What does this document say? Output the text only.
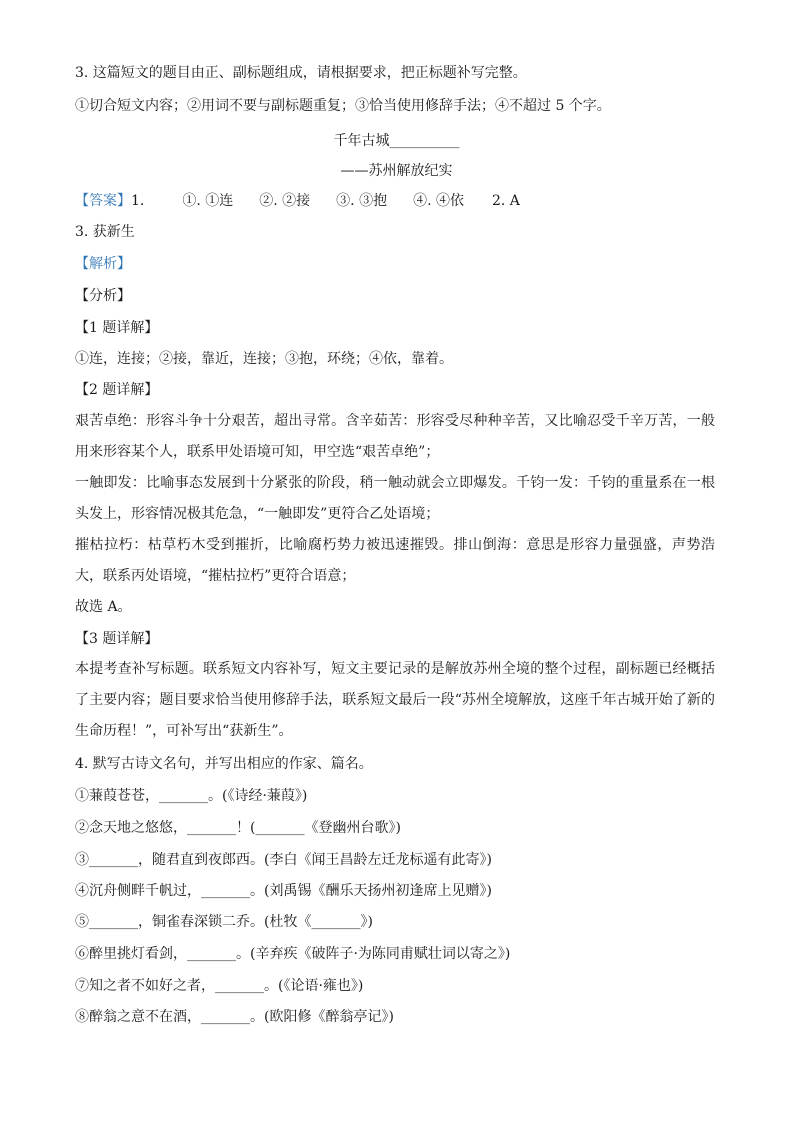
3. 这篇短文的题目由正、副标题组成，请根据要求，把正标题补写完整。
①切合短文内容；②用词不要与副标题重复；③恰当使用修辞手法；④不超过 5 个字。
千年古城__________
——苏州解放纪实
【答案】1.	①. ①连 ②. ②接 ③. ③抱 ④. ④依 2. A
3. 获新生
【解析】
【分析】
【1 题详解】
①连，连接；②接，靠近，连接；③抱，环绕；④依，靠着。
【2 题详解】
艰苦卓绝：形容斗争十分艰苦，超出寻常。含辛茹苦：形容受尽种种辛苦，又比喻忍受千辛万苦，一般用来形容某个人，联系甲处语境可知，甲空选“艰苦卓绝”；
一触即发：比喻事态发展到十分紧张的阶段，稍一触动就会立即爆发。千钧一发：千钧的重量系在一根头发上，形容情况极其危急，“一触即发”更符合乙处语境；
摧枯拉朽：枯草朽木受到摧折，比喻腐朽势力被迅速摧毁。排山倒海：意思是形容力量强盛，声势浩大，联系丙处语境，“摧枯拉朽”更符合语意；
故选 A。
【3 题详解】
本提考查补写标题。联系短文内容补写，短文主要记录的是解放苏州全境的整个过程，副标题已经概括了主要内容；题目要求恰当使用修辞手法，联系短文最后一段“苏州全境解放，这座千年古城开始了新的生命历程！”，可补写出“获新生”。
4. 默写古诗文名句，并写出相应的作家、篇名。
①蒹葭苍苍，_______。(《诗经·蒹葭》)
②念天地之悠悠，_______！(_______《登幽州台歌》)
③_______，随君直到夜郎西。(李白《闻王昌龄左迁龙标遥有此寄》)
④沉舟侧畔千帆过，_______。(刘禹锡《酬乐天扬州初逢席上见赠》)
⑤_______，铜雀春深锁二乔。(杜牧《_______》)
⑥醉里挑灯看剑，_______。(辛弃疾《破阵子·为陈同甫赋壮词以寄之》)
⑦知之者不如好之者，_______。(《论语·雍也》)
⑧醉翁之意不在酒，_______。(欧阳修《醉翁亭记》)
